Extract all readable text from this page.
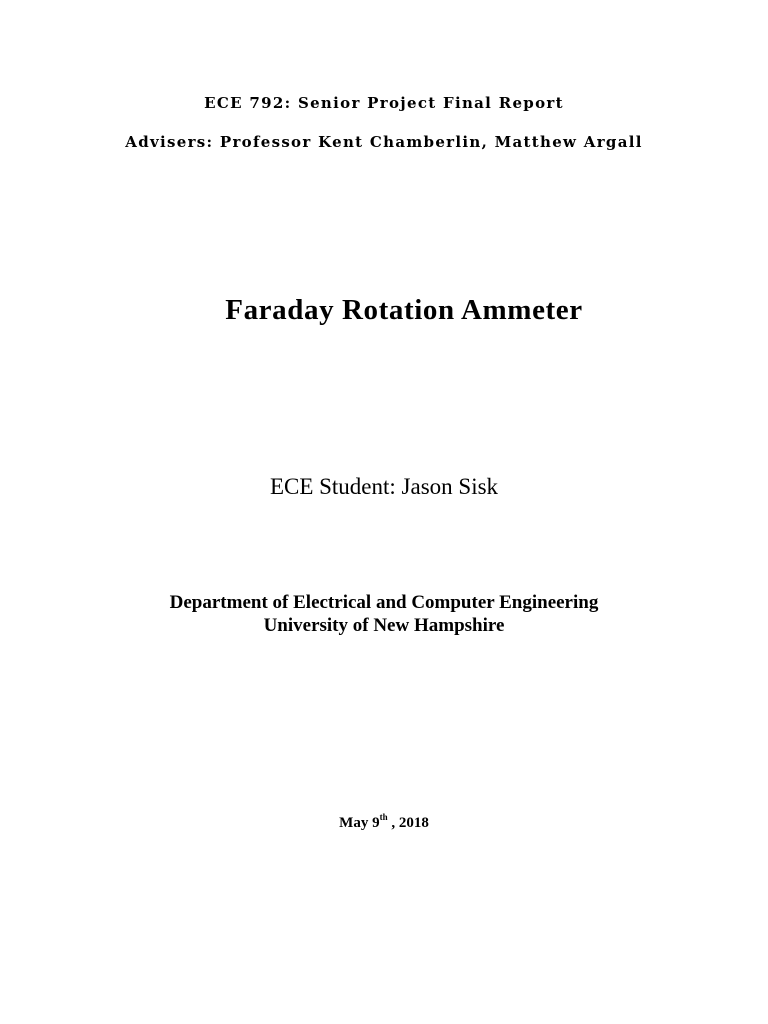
ECE 792: Senior Project Final Report
Advisers: Professor Kent Chamberlin, Matthew Argall
Faraday Rotation Ammeter
ECE Student: Jason Sisk
Department of Electrical and Computer Engineering
University of New Hampshire
May 9th , 2018
